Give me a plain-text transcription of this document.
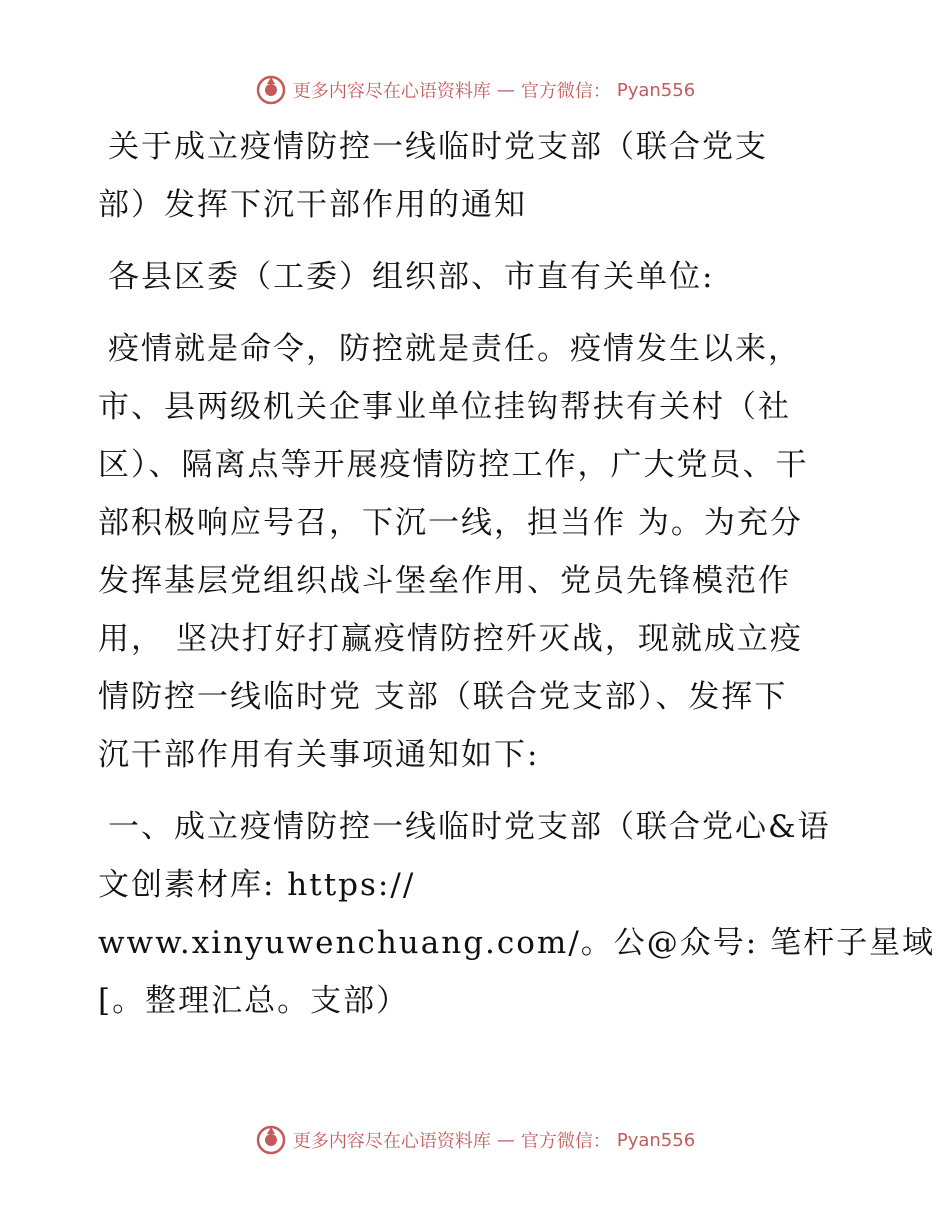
更多内容尽在心语资料库 — 官方微信： Pyan556
关于成立疫情防控一线临时党支部（联合党支
部）发挥下沉干部作用的通知
各县区委（工委）组织部、市直有关单位:
疫情就是命令，防控就是责任。疫情发生以来，
市、县两级机关企事业单位挂钩帮扶有关村（社
区）、隔离点等开展疫情防控工作，广大党员、干
部积极响应号召，下沉一线，担当作 为。为充分
发挥基层党组织战斗堡垒作用、党员先锋模范作
用， 坚决打好打赢疫情防控歼灭战，现就成立疫
情防控一线临时党 支部（联合党支部）、发挥下
沉干部作用有关事项通知如下:
一、成立疫情防控一线临时党支部（联合党心&语
文创素材库: https://
www.xinyuwenchuang.com/。公@众号: 笔杆子星域
[。整理汇总。支部）
更多内容尽在心语资料库 — 官方微信： Pyan556
